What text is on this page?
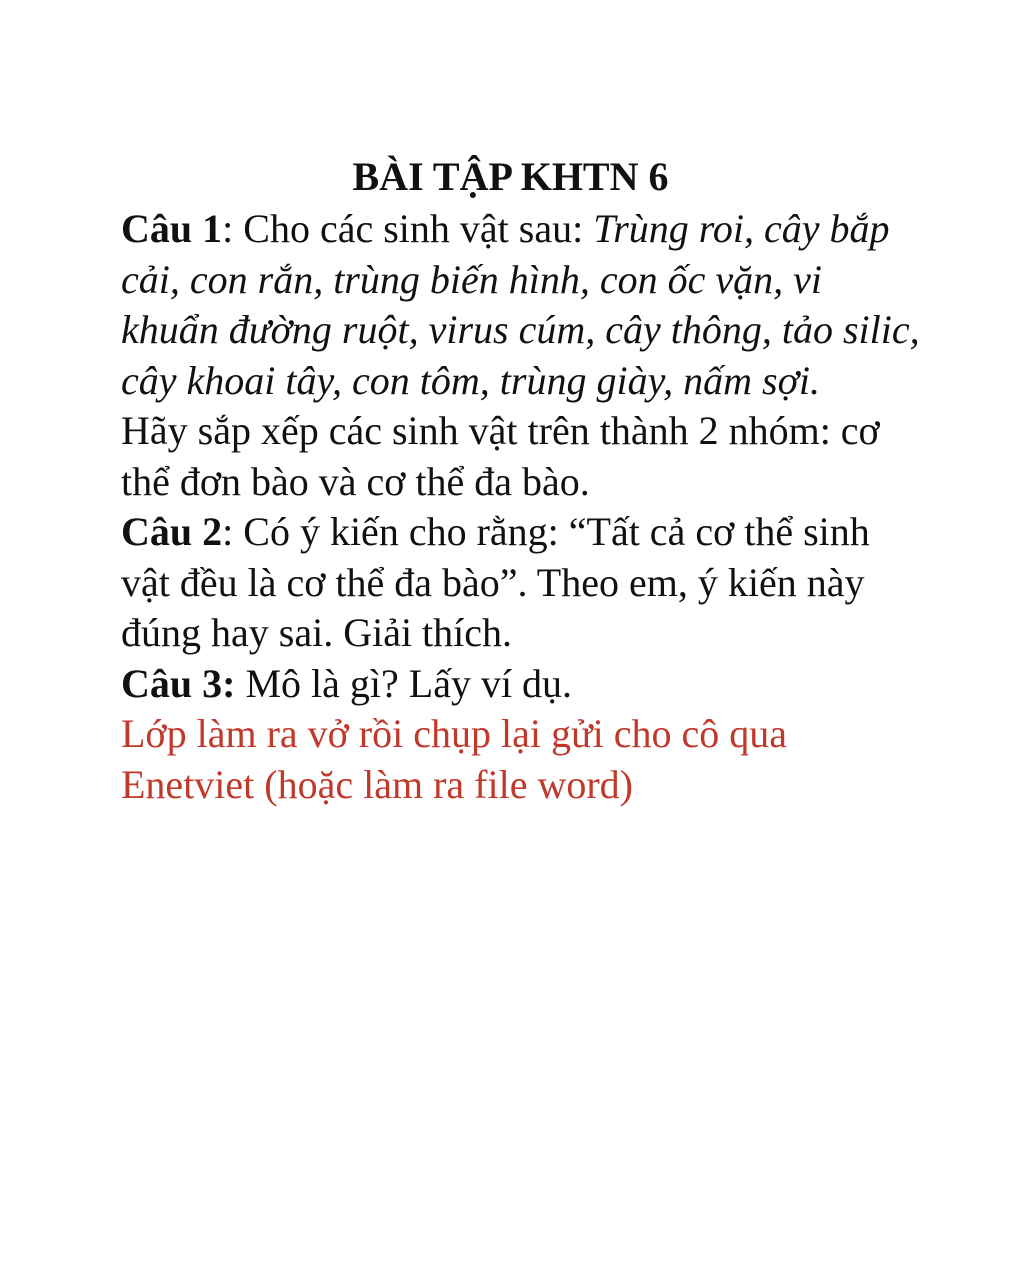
BÀI TẬP KHTN 6

Câu 1: Cho các sinh vật sau: Trùng roi, cây bắp cải, con rắn, trùng biến hình, con ốc vặn, vi khuẩn đường ruột, virus cúm, cây thông, tảo silic, cây khoai tây, con tôm, trùng giày, nấm sợi.

Hãy sắp xếp các sinh vật trên thành 2 nhóm: cơ thể đơn bào và cơ thể đa bào.

Câu 2: Có ý kiến cho rằng: “Tất cả cơ thể sinh vật đều là cơ thể đa bào”. Theo em, ý kiến này đúng hay sai. Giải thích.

Câu 3: Mô là gì? Lấy ví dụ.

Lớp làm ra vở rồi chụp lại gửi cho cô qua Enetviet (hoặc làm ra file word)
